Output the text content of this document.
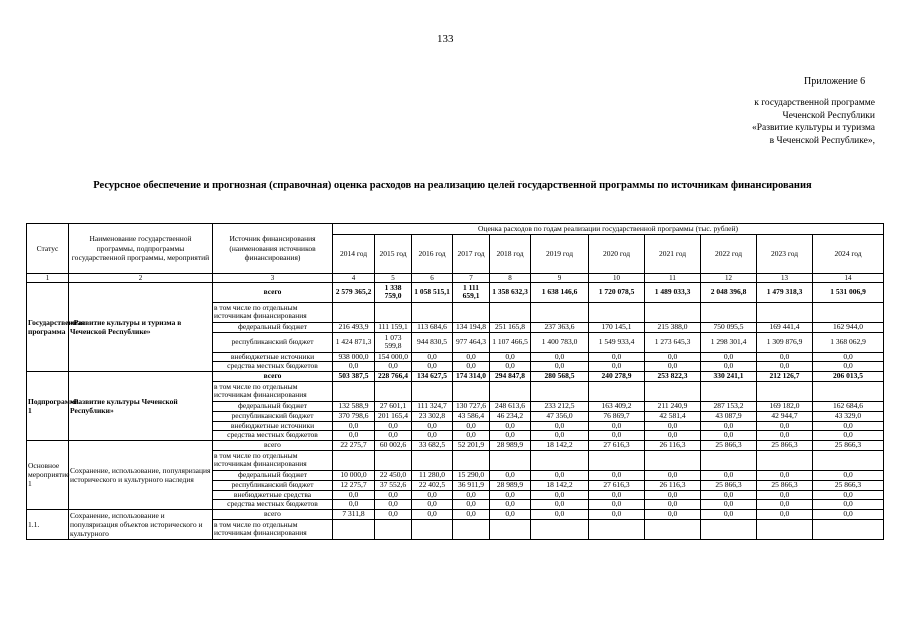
133
Приложение 6
к государственной программе
Чеченской Республики
«Развитие культуры и туризма
в Чеченской Республике»,
Ресурсное обеспечение и прогнозная (справочная) оценка расходов на реализацию целей государственной программы по источникам финансирования
Статус	Наименование государственной программы, подпрограммы государственной программы, мероприятий	Источник финансирования (наименования источников финансирования)	Оценка расходов по годам реализации государственной программы (тыс. рублей)										
			2014 год	2015 год	2016 год	2017 год	2018 год	2019 год	2020 год	2021 год	2022 год	2023 год	2024 год
1	2	3	4	5	6	7	8	9	10	11	12	13	14
Государственная программа	«Развитие культуры и туризма в Чеченской Республике»	всего	2 579 365,2	1 338 759,0	1 058 515,1	1 111 659,1	1 358 632,3	1 638 146,6	1 720 078,5	1 489 033,3	2 048 396,8	1 479 318,3	1 531 006,9
		в том числе по отдельным источникам финансирования											
		федеральный бюджет	216 493,9	111 159,1	113 684,6	134 194,8	251 165,8	237 363,6	170 145,1	215 388,0	750 095,5	169 441,4	162 944,0
		республиканский бюджет	1 424 871,3	1 073 599,8	944 830,5	977 464,3	1 107 466,5	1 400 783,0	1 549 933,4	1 273 645,3	1 298 301,4	1 309 876,9	1 368 062,9
		внебюджетные источники	938 000,0	154 000,0	0,0	0,0	0,0	0,0	0,0	0,0	0,0	0,0	0,0
		средства местных бюджетов	0,0	0,0	0,0	0,0	0,0	0,0	0,0	0,0	0,0	0,0	0,0
Подпрограмма 1	«Развитие культуры Чеченской Республики»	всего	503 387,5	228 766,4	134 627,5	174 314,0	294 847,8	280 568,5	240 278,9	253 822,3	330 241,1	212 126,7	206 013,5
		в том числе по отдельным источникам финансирования											
		федеральный бюджет	132 588,9	27 601,1	111 324,7	130 727,6	248 613,6	233 212,5	163 409,2	211 240,9	287 153,2	169 182,0	162 684,6
		республиканский бюджет	370 798,6	201 165,4	23 302,8	43 586,4	46 234,2	47 356,0	76 869,7	42 581,4	43 087,9	42 944,7	43 329,0
		внебюджетные источники	0,0	0,0	0,0	0,0	0,0	0,0	0,0	0,0	0,0	0,0	0,0
		средства местных бюджетов	0,0	0,0	0,0	0,0	0,0	0,0	0,0	0,0	0,0	0,0	0,0
Основное мероприятие 1	Сохранение, использование, популяризация исторического и культурного наследия	всего	22 275,7	60 002,6	33 682,5	52 201,9	28 989,9	18 142,2	27 616,3	26 116,3	25 866,3	25 866,3	25 866,3
		в том числе по отдельным источникам финансирования											
		федеральный бюджет	10 000,0	22 450,0	11 280,0	15 290,0	0,0	0,0	0,0	0,0	0,0	0,0	0,0
		республиканский бюджет	12 275,7	37 552,6	22 402,5	36 911,9	28 989,9	18 142,2	27 616,3	26 116,3	25 866,3	25 866,3	25 866,3
		внебюджетные средства	0,0	0,0	0,0	0,0	0,0	0,0	0,0	0,0	0,0	0,0	0,0
		средства местных бюджетов	0,0	0,0	0,0	0,0	0,0	0,0	0,0	0,0	0,0	0,0	0,0
1.1.	Сохранение, использование и популяризация объектов исторического и культурного	всего	7 311,8	0,0	0,0	0,0	0,0	0,0	0,0	0,0	0,0	0,0	0,0
		в том числе по отдельным источникам финансирования											
